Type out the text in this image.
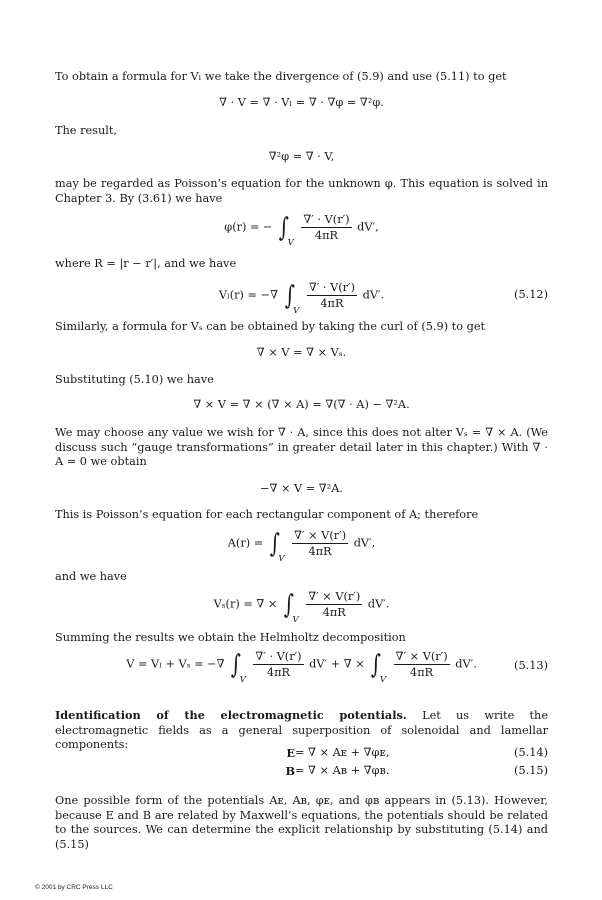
To obtain a formula for Vₗ we take the divergence of (5.9) and use (5.11) to get
∇ · V = ∇ · Vₗ = ∇ · ∇φ = ∇²φ.
The result,
∇²φ = ∇ · V,
may be regarded as Poisson’s equation for the unknown φ. This equation is solved in Chapter 3. By (3.61) we have
φ(r) = − $\int V \frac{\nabla' \cdot V(r')}{4\pi R} dV'$,
where R = |r − r′|, and we have
Vₗ(r) = −∇ $\int V \frac{\nabla' \cdot V(r')}{4\pi R} dV'$.	(5.12)
Similarly, a formula for Vₛ can be obtained by taking the curl of (5.9) to get
∇ × V = ∇ × Vₛ.
Substituting (5.10) we have
∇ × V = ∇ × (∇ × A) = ∇(∇ · A) − ∇²A.
We may choose any value we wish for ∇ · A, since this does not alter Vₛ = ∇ × A. (We discuss such “gauge transformations” in greater detail later in this chapter.) With ∇ · A = 0 we obtain
−∇ × V = ∇²A.
This is Poisson’s equation for each rectangular component of A; therefore
$A(r) = \int V \frac{\nabla' \times V(r')}{4\pi R} dV'$,
and we have
Vₛ(r) = ∇ × $\int V \frac{\nabla' \times V(r')}{4\pi R} dV'$.
Summing the results we obtain the Helmholtz decomposition
V = Vₗ + Vₛ = −∇ $\int V \frac{\nabla' \cdot V(r')}{4\pi R} dV'$ + ∇ × $\int V \frac{\nabla' \times V(r')}{4\pi R} dV'$.	(5.13)
Identification of the electromagnetic potentials. Let us write the electromagnetic fields as a general superposition of solenoidal and lamellar components:
E = ∇ × Aᴇ + ∇φᴇ,	(5.14)
B = ∇ × Aʙ + ∇φʙ.	(5.15)
One possible form of the potentials Aᴇ, Aʙ, φᴇ, and φʙ appears in (5.13). However, because E and B are related by Maxwell’s equations, the potentials should be related to the sources. We can determine the explicit relationship by substituting (5.14) and (5.15)
© 2001 by CRC Press LLC
